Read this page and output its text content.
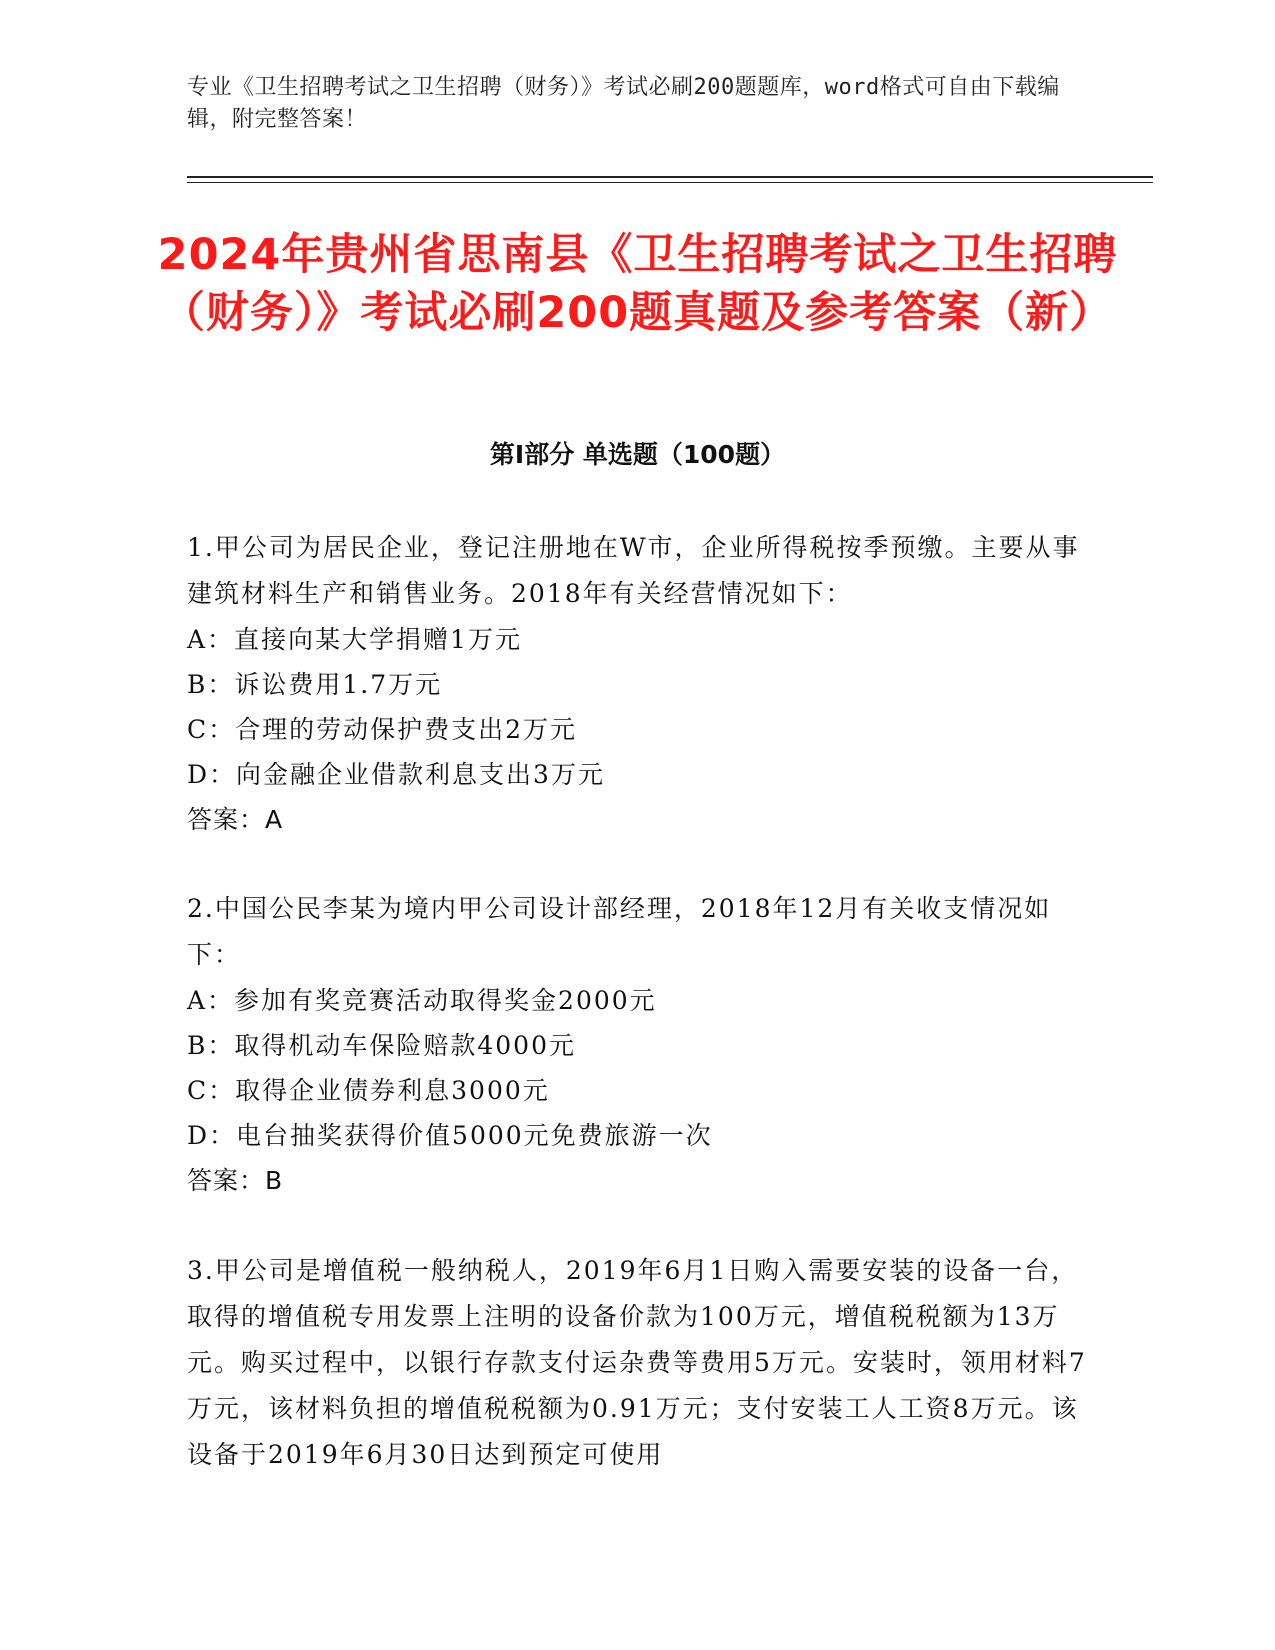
专业《卫生招聘考试之卫生招聘（财务）》考试必刷200题题库，word格式可自由下载编辑，附完整答案！
2024年贵州省思南县《卫生招聘考试之卫生招聘（财务）》考试必刷200题真题及参考答案（新）
第Ⅰ部分 单选题（100题）
1.甲公司为居民企业，登记注册地在W市，企业所得税按季预缴。主要从事建筑材料生产和销售业务。2018年有关经营情况如下：
A：直接向某大学捐赠1万元
B：诉讼费用1.7万元
C：合理的劳动保护费支出2万元
D：向金融企业借款利息支出3万元
答案：A
2.中国公民李某为境内甲公司设计部经理，2018年12月有关收支情况如下：
A：参加有奖竞赛活动取得奖金2000元
B：取得机动车保险赔款4000元
C：取得企业债券利息3000元
D：电台抽奖获得价值5000元免费旅游一次
答案：B
3.甲公司是增值税一般纳税人，2019年6月1日购入需要安装的设备一台，取得的增值税专用发票上注明的设备价款为100万元，增值税税额为13万元。购买过程中，以银行存款支付运杂费等费用5万元。安装时，领用材料7万元，该材料负担的增值税税额为0.91万元；支付安装工人工资8万元。该设备于2019年6月30日达到预定可使用
